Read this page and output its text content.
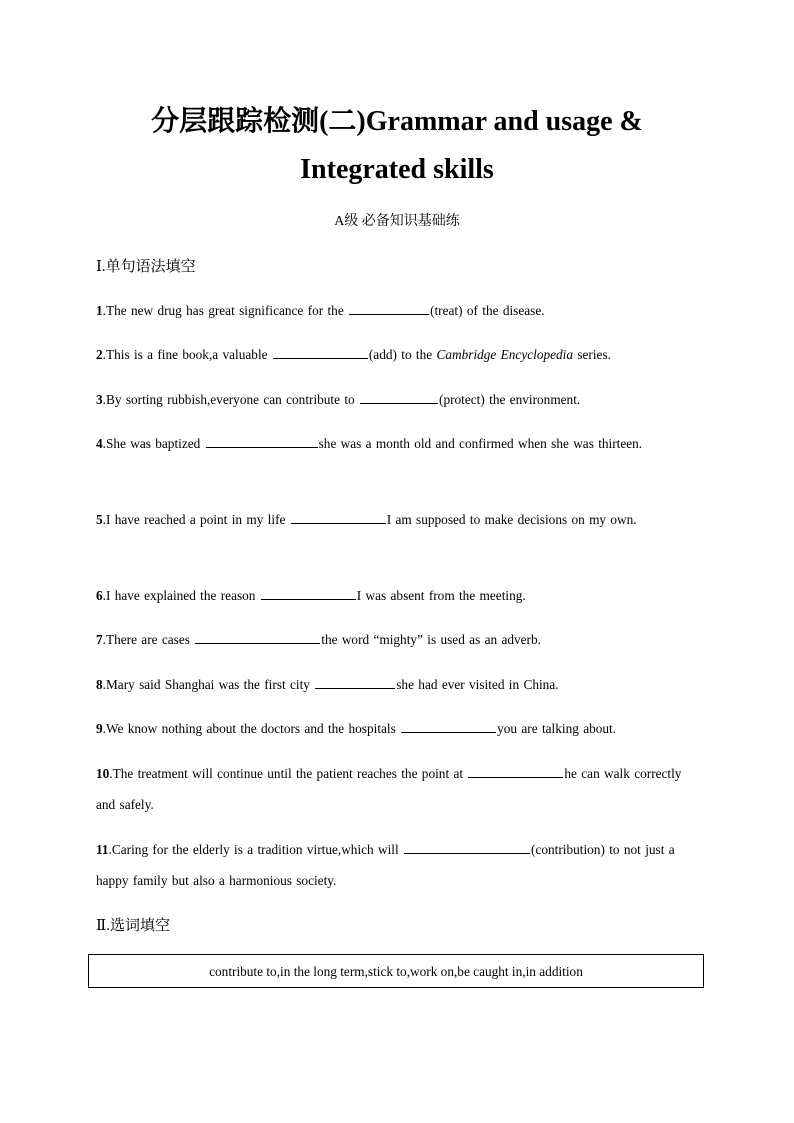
分层跟踪检测(二)Grammar and usage &
Integrated skills
A级 必备知识基础练
Ⅰ.单句语法填空
1.The new drug has great significance for the	(treat) of the disease.
2.This is a fine book,a valuable	(add) to the Cambridge Encyclopedia series.
3.By sorting rubbish,everyone can contribute to	(protect) the environment.
4.She was baptized	she was a month old and confirmed when she was thirteen.
5.I have reached a point in my life	I am supposed to make decisions on my own.
6.I have explained the reason	I was absent from the meeting.
7.There are cases	the word “mighty” is used as an adverb.
8.Mary said Shanghai was the first city	she had ever visited in China.
9.We know nothing about the doctors and the hospitals	you are talking about.
10.The treatment will continue until the patient reaches the point at	he can walk correctly and safely.
11.Caring for the elderly is a tradition virtue,which will	(contribution) to not just a happy family but also a harmonious society.
Ⅱ.选词填空
contribute to,in the long term,stick to,work on,be caught in,in addition
